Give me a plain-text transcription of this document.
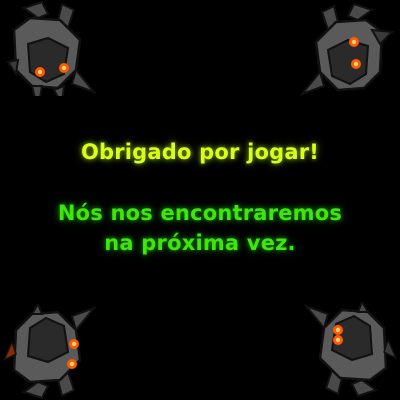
Obrigado por jogar!
Nós nos encontraremos
na próxima vez.
